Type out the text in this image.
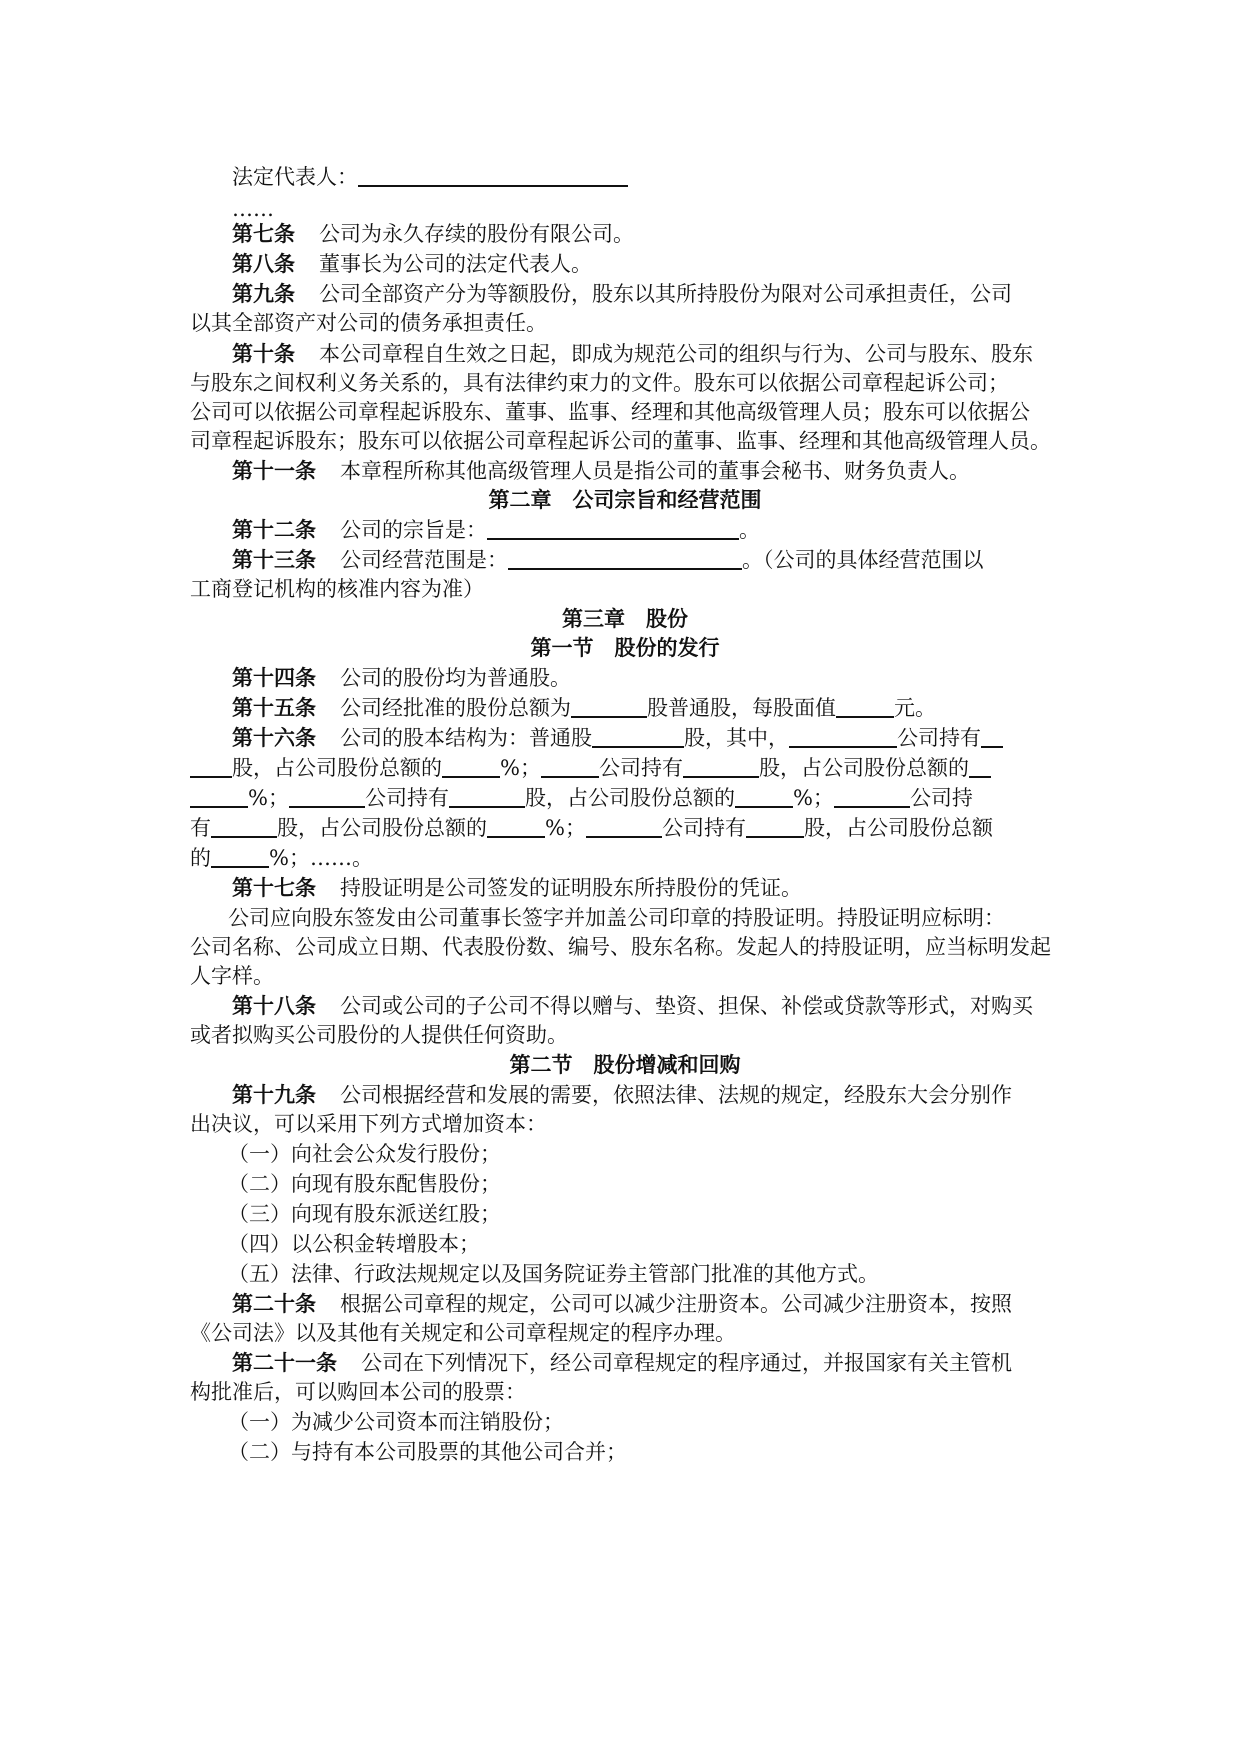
法定代表人：
……
第七条 公司为永久存续的股份有限公司。
第八条 董事长为公司的法定代表人。
第九条 公司全部资产分为等额股份，股东以其所持股份为限对公司承担责任，公司
以其全部资产对公司的债务承担责任。
第十条 本公司章程自生效之日起，即成为规范公司的组织与行为、公司与股东、股东
与股东之间权利义务关系的，具有法律约束力的文件。股东可以依据公司章程起诉公司；
公司可以依据公司章程起诉股东、董事、监事、经理和其他高级管理人员；股东可以依据公
司章程起诉股东；股东可以依据公司章程起诉公司的董事、监事、经理和其他高级管理人员。
第十一条 本章程所称其他高级管理人员是指公司的董事会秘书、财务负责人。
第二章　公司宗旨和经营范围
第十二条 公司的宗旨是：	。
第十三条 公司经营范围是：	。（公司的具体经营范围以
工商登记机构的核准内容为准）
第三章　股份
第一节　股份的发行
第十四条 公司的股份均为普通股。
第十五条 公司经批准的股份总额为	股普通股，每股面值	元。
第十六条 公司的股本结构为：普通股	股，其中，	公司持有
股，占公司股份总额的	%；	公司持有	股，占公司股份总额的
%；	公司持有	股，占公司股份总额的	%；	公司持
有	股，占公司股份总额的	%；	公司持有	股，占公司股份总额
的	%；……。
第十七条 持股证明是公司签发的证明股东所持股份的凭证。
公司应向股东签发由公司董事长签字并加盖公司印章的持股证明。持股证明应标明：
公司名称、公司成立日期、代表股份数、编号、股东名称。发起人的持股证明，应当标明发起
人字样。
第十八条 公司或公司的子公司不得以赠与、垫资、担保、补偿或贷款等形式，对购买
或者拟购买公司股份的人提供任何资助。
第二节　股份增减和回购
第十九条 公司根据经营和发展的需要，依照法律、法规的规定，经股东大会分别作
出决议，可以采用下列方式增加资本：
（一）向社会公众发行股份；
（二）向现有股东配售股份；
（三）向现有股东派送红股；
（四）以公积金转增股本；
（五）法律、行政法规规定以及国务院证券主管部门批准的其他方式。
第二十条 根据公司章程的规定，公司可以减少注册资本。公司减少注册资本，按照
《公司法》以及其他有关规定和公司章程规定的程序办理。
第二十一条 公司在下列情况下，经公司章程规定的程序通过，并报国家有关主管机
构批准后，可以购回本公司的股票：
（一）为减少公司资本而注销股份；
（二）与持有本公司股票的其他公司合并；
